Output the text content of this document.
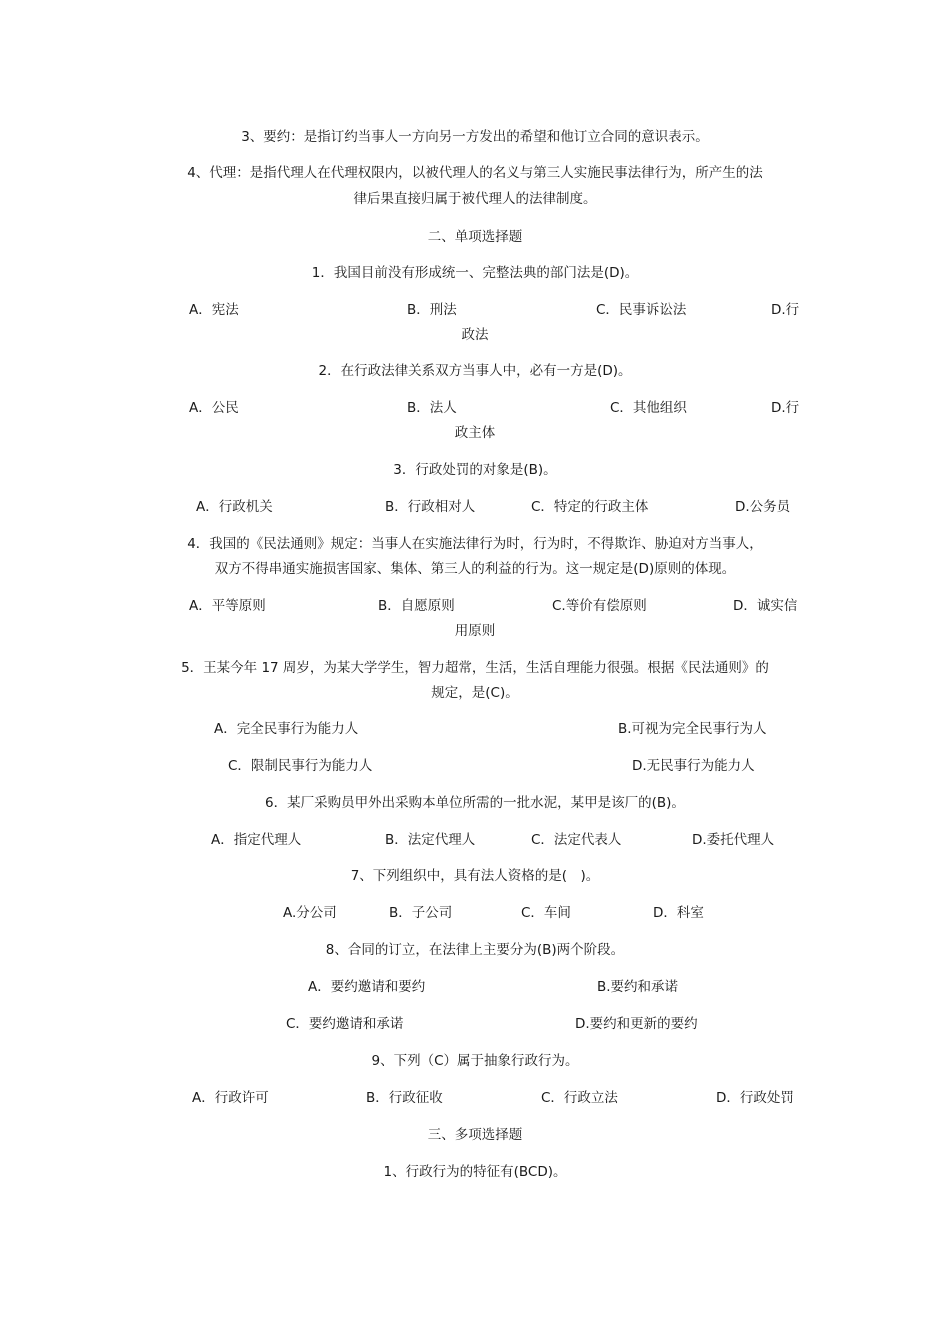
3、要约：是指订约当事人一方向另一方发出的希望和他订立合同的意识表示。
4、代理：是指代理人在代理权限内，以被代理人的名义与第三人实施民事法律行为，所产生的法
律后果直接归属于被代理人的法律制度。
二、单项选择题
1．我国目前没有形成统一、完整法典的部门法是(D)。
A．宪法	B．刑法	C．民事诉讼法	D.行
政法
2．在行政法律关系双方当事人中，必有一方是(D)。
A．公民	B．法人	C．其他组织	D.行
政主体
3．行政处罚的对象是(B)。
A．行政机关	B．行政相对人	C．特定的行政主体	D.公务员
4．我国的《民法通则》规定：当事人在实施法律行为时，行为时，不得欺诈、胁迫对方当事人，
双方不得串通实施损害国家、集体、第三人的利益的行为。这一规定是(D)原则的体现。
A．平等原则	B．自愿原则	C.等价有偿原则	D．诚实信
用原则
5．王某今年 17 周岁，为某大学学生，智力超常，生活，生活自理能力很强。根据《民法通则》的
规定，是(C)。
A．完全民事行为能力人	B.可视为完全民事行为人
C．限制民事行为能力人	D.无民事行为能力人
6．某厂采购员甲外出采购本单位所需的一批水泥，某甲是该厂的(B)。
A．指定代理人	B．法定代理人	C．法定代表人	D.委托代理人
7、下列组织中，具有法人资格的是(　)。
A.分公司	B．子公司	C．车间	D．科室
8、合同的订立，在法律上主要分为(B)两个阶段。
A．要约邀请和要约	B.要约和承诺
C．要约邀请和承诺	D.要约和更新的要约
9、下列（C）属于抽象行政行为。
A．行政许可	B．行政征收	C．行政立法	D．行政处罚
三、多项选择题
1、行政行为的特征有(BCD)。
